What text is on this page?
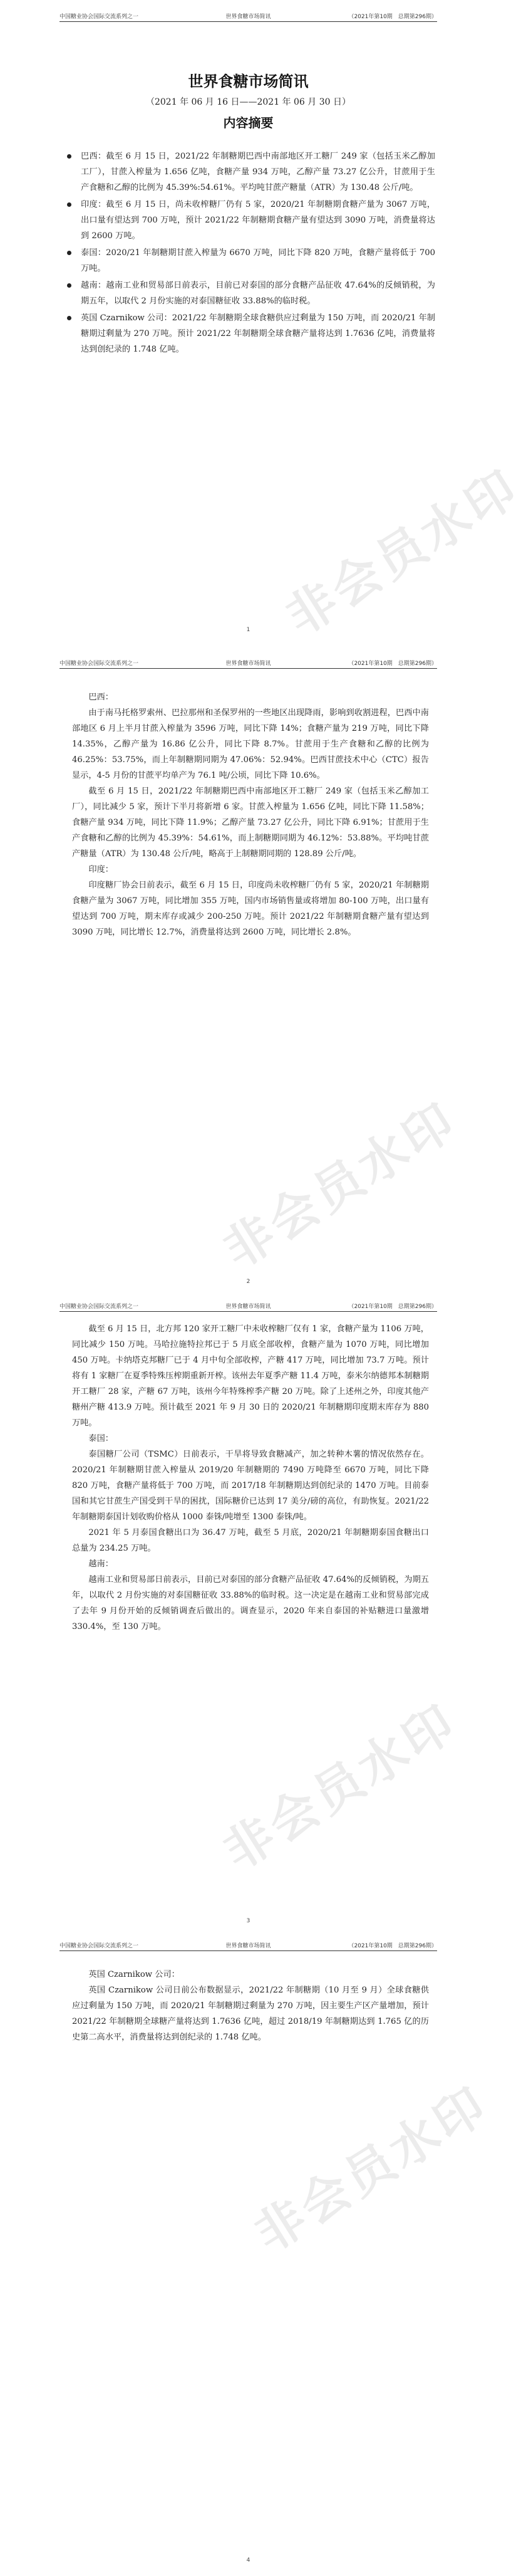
中国糖业协会国际交流系列之一	世界食糖市场简讯	（2021年第10期　总期第296期）
世界食糖市场简讯
（2021 年 06 月 16 日——2021 年 06 月 30 日）
内容摘要
巴西：截至 6 月 15 日，2021/22 年制糖期巴西中南部地区开工糖厂 249 家（包括玉米乙醇加工厂），甘蔗入榨量为 1.656 亿吨，食糖产量 934 万吨，乙醇产量 73.27 亿公升，甘蔗用于生产食糖和乙醇的比例为 45.39%:54.61%。平均吨甘蔗产糖量（ATR）为 130.48 公斤/吨。
印度：截至 6 月 15 日，尚未收榨糖厂仍有 5 家，2020/21 年制糖期食糖产量为 3067 万吨，出口量有望达到 700 万吨，预计 2021/22 年制糖期食糖产量有望达到 3090 万吨，消费量将达到 2600 万吨。
泰国：2020/21 年制糖期甘蔗入榨量为 6670 万吨，同比下降 820 万吨，食糖产量将低于 700 万吨。
越南：越南工业和贸易部日前表示，目前已对泰国的部分食糖产品征收 47.64%的反倾销税，为期五年，以取代 2 月份实施的对泰国糖征收 33.88%的临时税。
英国 Czarnikow 公司：2021/22 年制糖期全球食糖供应过剩量为 150 万吨，而 2020/21 年制糖期过剩量为 270 万吨。预计 2021/22 年制糖期全球食糖产量将达到 1.7636 亿吨，消费量将达到创纪录的 1.748 亿吨。
非会员水印
1
中国糖业协会国际交流系列之一	世界食糖市场简讯	（2021年第10期　总期第296期）

巴西：

由于南马托格罗索州、巴拉那州和圣保罗州的一些地区出现降雨，影响到收割进程，巴西中南部地区 6 月上半月甘蔗入榨量为 3596 万吨，同比下降 14%；食糖产量为 219 万吨，同比下降 14.35%，乙醇产量为 16.86 亿公升，同比下降 8.7%。甘蔗用于生产食糖和乙醇的比例为 46.25%：53.75%，而上年制糖期同期为 47.06%：52.94%。巴西甘蔗技术中心（CTC）报告显示，4-5 月份的甘蔗平均单产为 76.1 吨/公顷，同比下降 10.6%。

截至 6 月 15 日，2021/22 年制糖期巴西中南部地区开工糖厂 249 家（包括玉米乙醇加工厂），同比减少 5 家，预计下半月将新增 6 家。甘蔗入榨量为 1.656 亿吨，同比下降 11.58%；食糖产量 934 万吨，同比下降 11.9%；乙醇产量 73.27 亿公升，同比下降 6.91%；甘蔗用于生产食糖和乙醇的比例为 45.39%：54.61%，而上制糖期同期为 46.12%：53.88%。平均吨甘蔗产糖量（ATR）为 130.48 公斤/吨，略高于上制糖期同期的 128.89 公斤/吨。

印度：

印度糖厂协会日前表示，截至 6 月 15 日，印度尚未收榨糖厂仍有 5 家，2020/21 年制糖期食糖产量为 3067 万吨，同比增加 355 万吨，国内市场销售量或将增加 80-100 万吨，出口量有望达到 700 万吨，期末库存或减少 200-250 万吨。预计 2021/22 年制糖期食糖产量有望达到 3090 万吨，同比增长 12.7%，消费量将达到 2600 万吨，同比增长 2.8%。

非会员水印
2
中国糖业协会国际交流系列之一	世界食糖市场简讯	（2021年第10期　总期第296期）

截至 6 月 15 日，北方邦 120 家开工糖厂中未收榨糖厂仅有 1 家，食糖产量为 1106 万吨，同比减少 150 万吨。马哈拉施特拉邦已于 5 月底全部收榨，食糖产量为 1070 万吨，同比增加 450 万吨。卡纳塔克邦糖厂已于 4 月中旬全部收榨，产糖 417 万吨，同比增加 73.7 万吨。预计将有 1 家糖厂在夏季特殊压榨期重新开榨。该州去年夏季产糖 11.4 万吨，泰米尔纳德邦本制糖期开工糖厂 28 家，产糖 67 万吨，该州今年特殊榨季产糖 20 万吨。除了上述州之外，印度其他产糖州产糖 413.9 万吨。预计截至 2021 年 9 月 30 日的 2020/21 年制糖期印度期末库存为 880 万吨。

泰国：

泰国糖厂公司（TSMC）日前表示，干旱将导致食糖减产，加之转种木薯的情况依然存在。2020/21 年制糖期甘蔗入榨量从 2019/20 年制糖期的 7490 万吨降至 6670 万吨，同比下降 820 万吨，食糖产量将低于 700 万吨，而 2017/18 年制糖期达到创纪录的 1470 万吨。目前泰国和其它甘蔗生产国受到干旱的困扰，国际糖价已达到 17 美分/磅的高位，有助恢复。2021/22 年制糖期泰国计划收购价格从 1000 泰铢/吨增至 1300 泰铢/吨。

2021 年 5 月泰国食糖出口为 36.47 万吨，截至 5 月底，2020/21 年制糖期泰国食糖出口总量为 234.25 万吨。

越南：

越南工业和贸易部日前表示，目前已对泰国的部分食糖产品征收 47.64%的反倾销税，为期五年，以取代 2 月份实施的对泰国糖征收 33.88%的临时税。这一决定是在越南工业和贸易部完成了去年 9 月份开始的反倾销调查后做出的。调查显示，2020 年来自泰国的补贴糖进口量激增 330.4%，至 130 万吨。

非会员水印
3
中国糖业协会国际交流系列之一	世界食糖市场简讯	（2021年第10期　总期第296期）

英国 Czarnikow 公司：

英国 Czarnikow 公司日前公布数据显示，2021/22 年制糖期（10 月至 9 月）全球食糖供应过剩量为 150 万吨，而 2020/21 年制糖期过剩量为 270 万吨，因主要生产区产量增加，预计 2021/22 年制糖期全球糖产量将达到 1.7636 亿吨，超过 2018/19 年制糖期达到 1.765 亿的历史第二高水平，消费量将达到创纪录的 1.748 亿吨。

非会员水印
4
